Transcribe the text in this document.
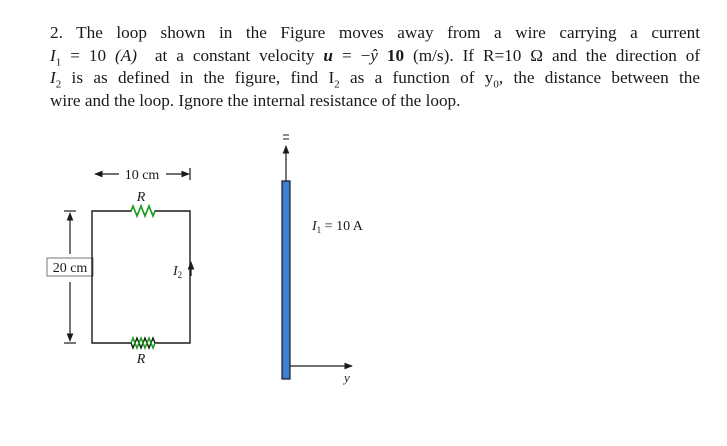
2. The loop shown in the Figure moves away from a wire carrying a current
$I_1 = 10$ (A) at a constant velocity u = −ŷ 10 (m/s). If R=10 Ω and the direction of
$I_2$ is as defined in the figure, find $I_2$ as a function of $y_0$, the distance between the
wire and the loop. Ignore the internal resistance of the loop.
10 cm
20 cm
R
R
$I_2$
$I_1 = 10$ A
y
